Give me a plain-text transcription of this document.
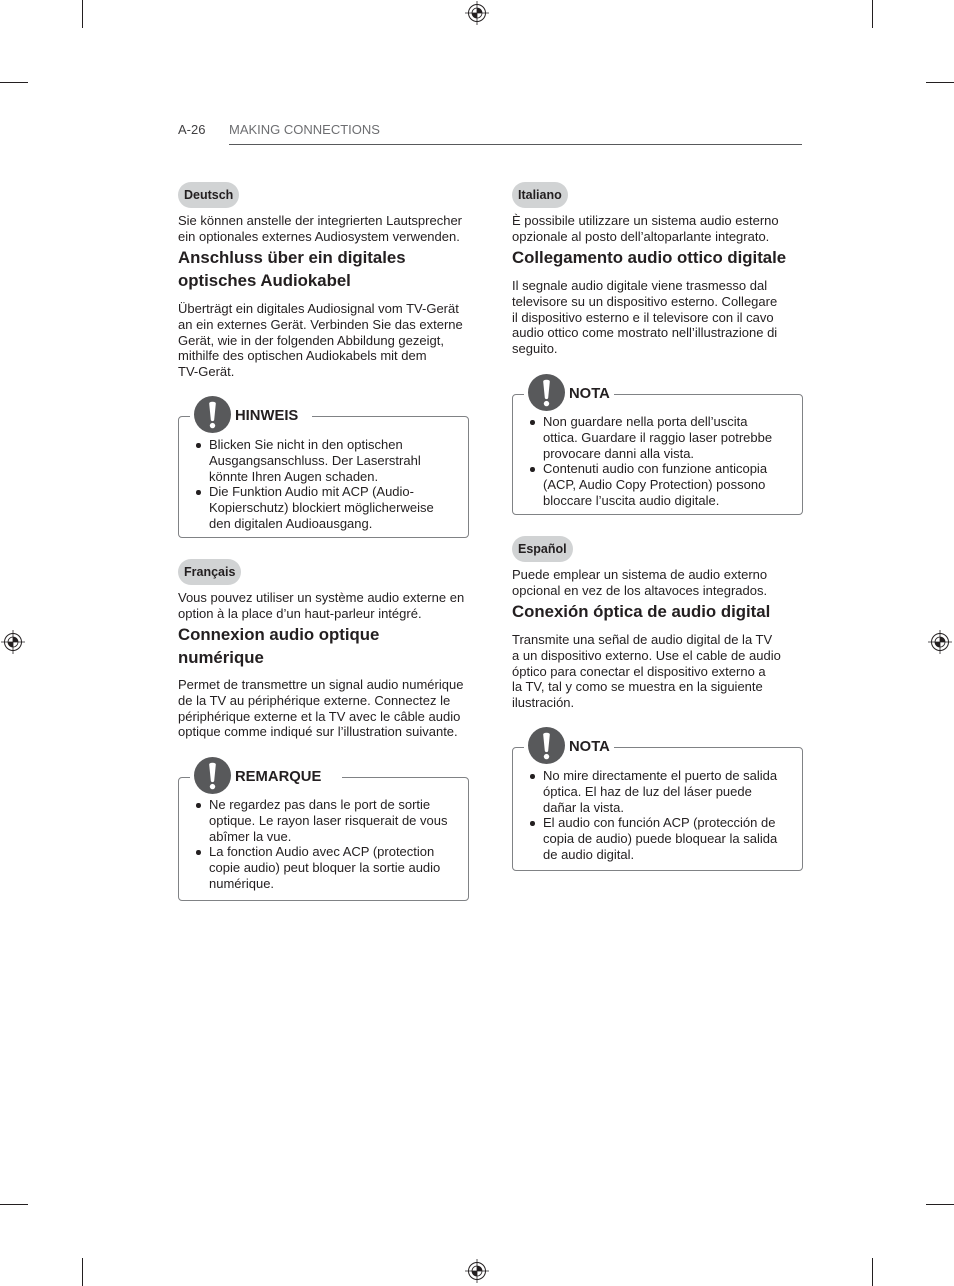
A-26 MAKING CONNECTIONS
Deutsch
Sie können anstelle der integrierten Lautsprecher
ein optionales externes Audiosystem verwenden.
Anschluss über ein digitales
optisches Audiokabel
Überträgt ein digitales Audiosignal vom TV-Gerät
an ein externes Gerät. Verbinden Sie das externe
Gerät, wie in der folgenden Abbildung gezeigt,
mithilfe des optischen Audiokabels mit dem
TV-Gerät.
HINWEIS
Blicken Sie nicht in den optischen
Ausgangsanschluss. Der Laserstrahl
könnte Ihren Augen schaden.
Die Funktion Audio mit ACP (Audio-
Kopierschutz) blockiert möglicherweise
den digitalen Audioausgang.
Français
Vous pouvez utiliser un système audio externe en
option à la place d’un haut-parleur intégré.
Connexion audio optique
numérique
Permet de transmettre un signal audio numérique
de la TV au périphérique externe. Connectez le
périphérique externe et la TV avec le câble audio
optique comme indiqué sur l’illustration suivante.
REMARQUE
Ne regardez pas dans le port de sortie
optique. Le rayon laser risquerait de vous
abîmer la vue.
La fonction Audio avec ACP (protection
copie audio) peut bloquer la sortie audio
numérique.
Italiano
È possibile utilizzare un sistema audio esterno
opzionale al posto dell’altoparlante integrato.
Collegamento audio ottico digitale
Il segnale audio digitale viene trasmesso dal
televisore su un dispositivo esterno. Collegare
il dispositivo esterno e il televisore con il cavo
audio ottico come mostrato nell’illustrazione di
seguito.
NOTA
Non guardare nella porta dell’uscita
ottica. Guardare il raggio laser potrebbe
provocare danni alla vista.
Contenuti audio con funzione anticopia
(ACP, Audio Copy Protection) possono
bloccare l’uscita audio digitale.
Español
Puede emplear un sistema de audio externo
opcional en vez de los altavoces integrados.
Conexión óptica de audio digital
Transmite una señal de audio digital de la TV
a un dispositivo externo. Use el cable de audio
óptico para conectar el dispositivo externo a
la TV, tal y como se muestra en la siguiente
ilustración.
NOTA
No mire directamente el puerto de salida
óptica. El haz de luz del láser puede
dañar la vista.
El audio con función ACP (protección de
copia de audio) puede bloquear la salida
de audio digital.
